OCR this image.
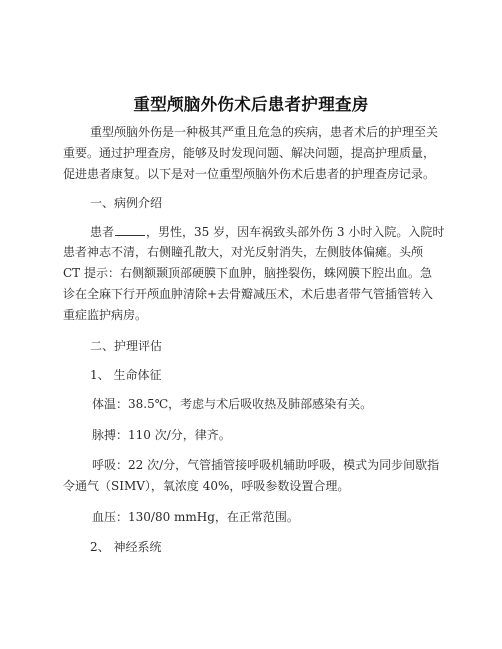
重型颅脑外伤术后患者护理查房
重型颅脑外伤是一种极其严重且危急的疾病，患者术后的护理至关
重要。通过护理查房，能够及时发现问题、解决问题，提高护理质量，
促进患者康复。以下是对一位重型颅脑外伤术后患者的护理查房记录。
一、病例介绍
患者	，男性，35 岁，因车祸致头部外伤 3 小时入院。入院时
患者神志不清，右侧瞳孔散大，对光反射消失，左侧肢体偏瘫。头颅
CT 提示：右侧额颞顶部硬膜下血肿，脑挫裂伤，蛛网膜下腔出血。急
诊在全麻下行开颅血肿清除+去骨瓣减压术，术后患者带气管插管转入
重症监护病房。
二、护理评估
1、 生命体征
体温：38.5℃，考虑与术后吸收热及肺部感染有关。
脉搏：110 次/分，律齐。
呼吸：22 次/分，气管插管接呼吸机辅助呼吸，模式为同步间歇指
令通气（SIMV），氧浓度 40%，呼吸参数设置合理。
血压：130/80 mmHg，在正常范围。
2、 神经系统
